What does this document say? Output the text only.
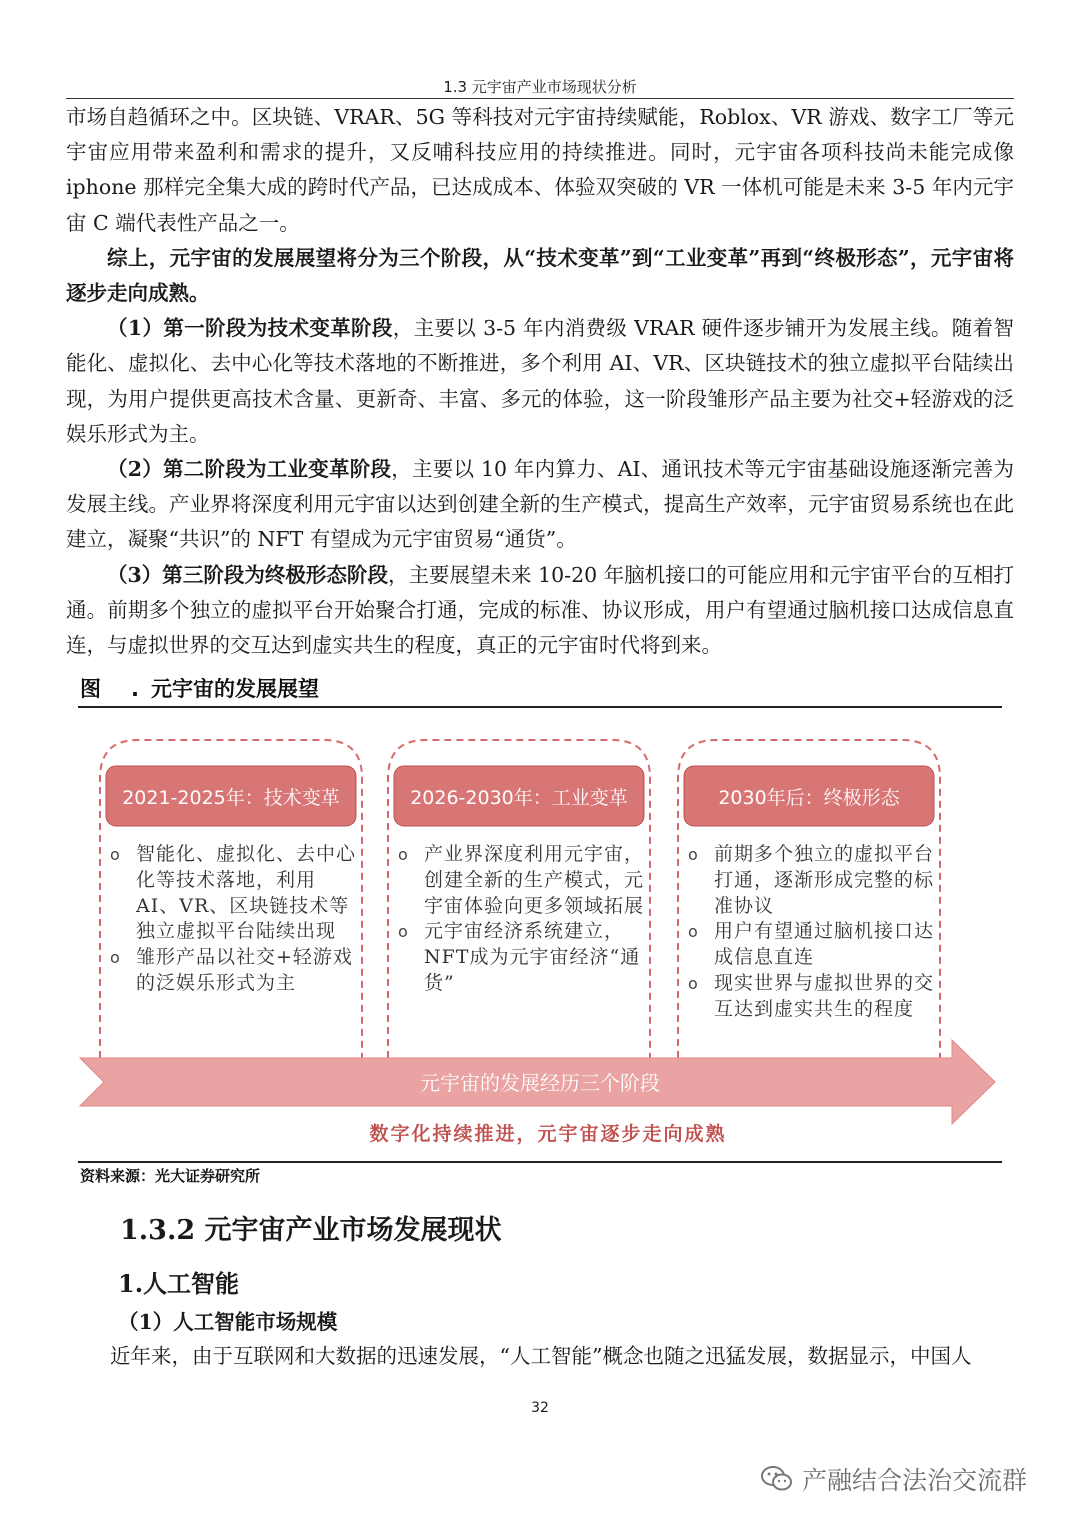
1.3 元宇宙产业市场现状分析

市场自趋循环之中。区块链、VRAR、5G 等科技对元宇宙持续赋能，Roblox、VR 游戏、数字工厂等元宇宙应用带来盈利和需求的提升，又反哺科技应用的持续推进。同时，元宇宙各项科技尚未能完成像 iphone 那样完全集大成的跨时代产品，已达成成本、体验双突破的 VR 一体机可能是未来 3-5 年内元宇宙 C 端代表性产品之一。

综上，元宇宙的发展展望将分为三个阶段，从“技术变革”到“工业变革”再到“终极形态”，元宇宙将逐步走向成熟。

（1）第一阶段为技术变革阶段，主要以 3-5 年内消费级 VRAR 硬件逐步铺开为发展主线。随着智能化、虚拟化、去中心化等技术落地的不断推进，多个利用 AI、VR、区块链技术的独立虚拟平台陆续出现，为用户提供更高技术含量、更新奇、丰富、多元的体验，这一阶段雏形产品主要为社交+轻游戏的泛娱乐形式为主。

（2）第二阶段为工业变革阶段，主要以 10 年内算力、AI、通讯技术等元宇宙基础设施逐渐完善为发展主线。产业界将深度利用元宇宙以达到创建全新的生产模式，提高生产效率，元宇宙贸易系统也在此建立，凝聚“共识”的 NFT 有望成为元宇宙贸易“通货”。

（3）第三阶段为终极形态阶段，主要展望未来 10-20 年脑机接口的可能应用和元宇宙平台的互相打通。前期多个独立的虚拟平台开始聚合打通，完成的标准、协议形成，用户有望通过脑机接口达成信息直连，与虚拟世界的交互达到虚实共生的程度，真正的元宇宙时代将到来。

图 . 元宇宙的发展展望
2021-2025年：技术变革	2026-2030年：工业变革	2030年后：终极形态
元宇宙的发展经历三个阶段
数字化持续推进，元宇宙逐步走向成熟
o 智能化、虚拟化、去中心化等技术落地，利用AI、VR、区块链技术等独立虚拟平台陆续出现
o 雏形产品以社交+轻游戏的泛娱乐形式为主
o 产业界深度利用元宇宙，创建全新的生产模式，元宇宙体验向更多领域拓展
o 元宇宙经济系统建立，NFT成为元宇宙经济“通货”
o 前期多个独立的虚拟平台打通，逐渐形成完整的标准协议
o 用户有望通过脑机接口达成信息直连
o 现实世界与虚拟世界的交互达到虚实共生的程度
资料来源：光大证券研究所
1.3.2 元宇宙产业市场发展现状
1.人工智能
（1）人工智能市场规模
近年来，由于互联网和大数据的迅速发展，“人工智能”概念也随之迅猛发展，数据显示，中国人
32
产融结合法治交流群
